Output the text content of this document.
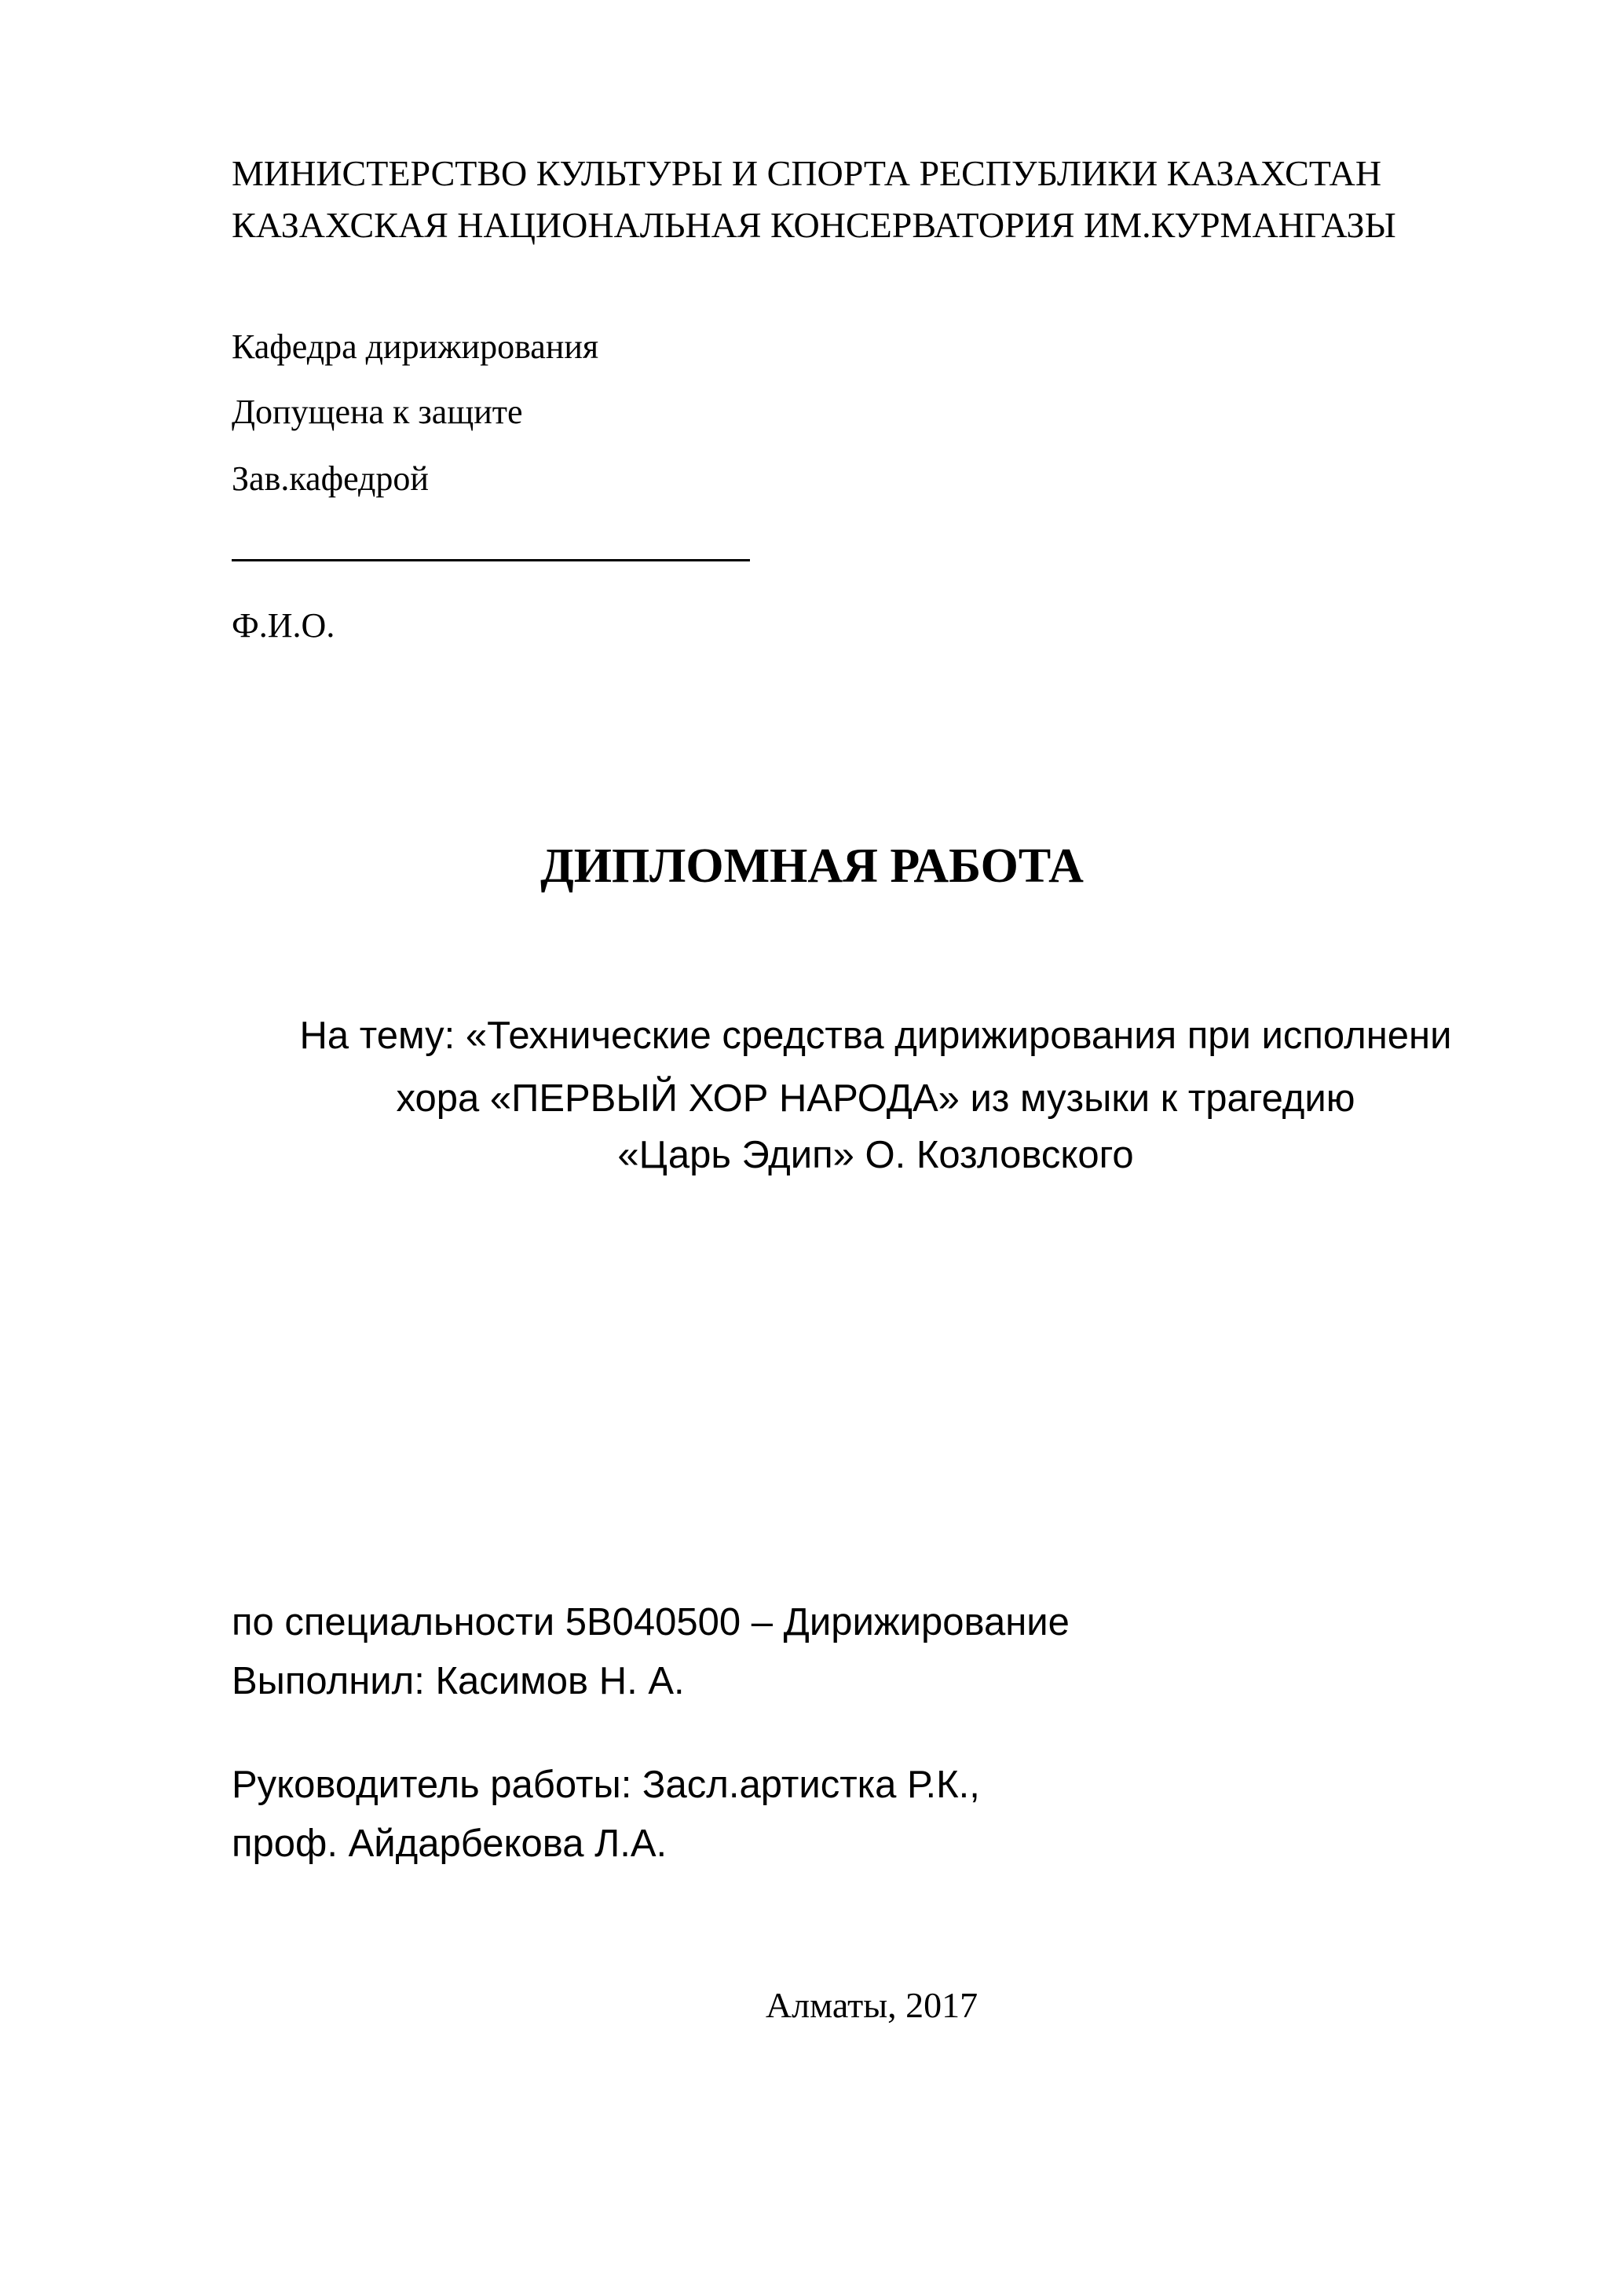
МИНИСТЕРСТВО КУЛЬТУРЫ И СПОРТА РЕСПУБЛИКИ КАЗАХСТАН
КАЗАХСКАЯ НАЦИОНАЛЬНАЯ КОНСЕРВАТОРИЯ ИМ.КУРМАНГАЗЫ
Кафедра дирижирования
Допущена к защите
Зав.кафедрой
Ф.И.О.
ДИПЛОМНАЯ РАБОТА
На тему: «Технические средства дирижирования при исполнени
хора «ПЕРВЫЙ ХОР НАРОДА» из музыки к трагедию
«Царь Эдип» О. Козловского
по специальности 5В040500 – Дирижирование
Выполнил: Касимов Н. А.
Руководитель работы: Засл.артистка Р.К.,
проф. Айдарбекова Л.А.
Алматы, 2017
